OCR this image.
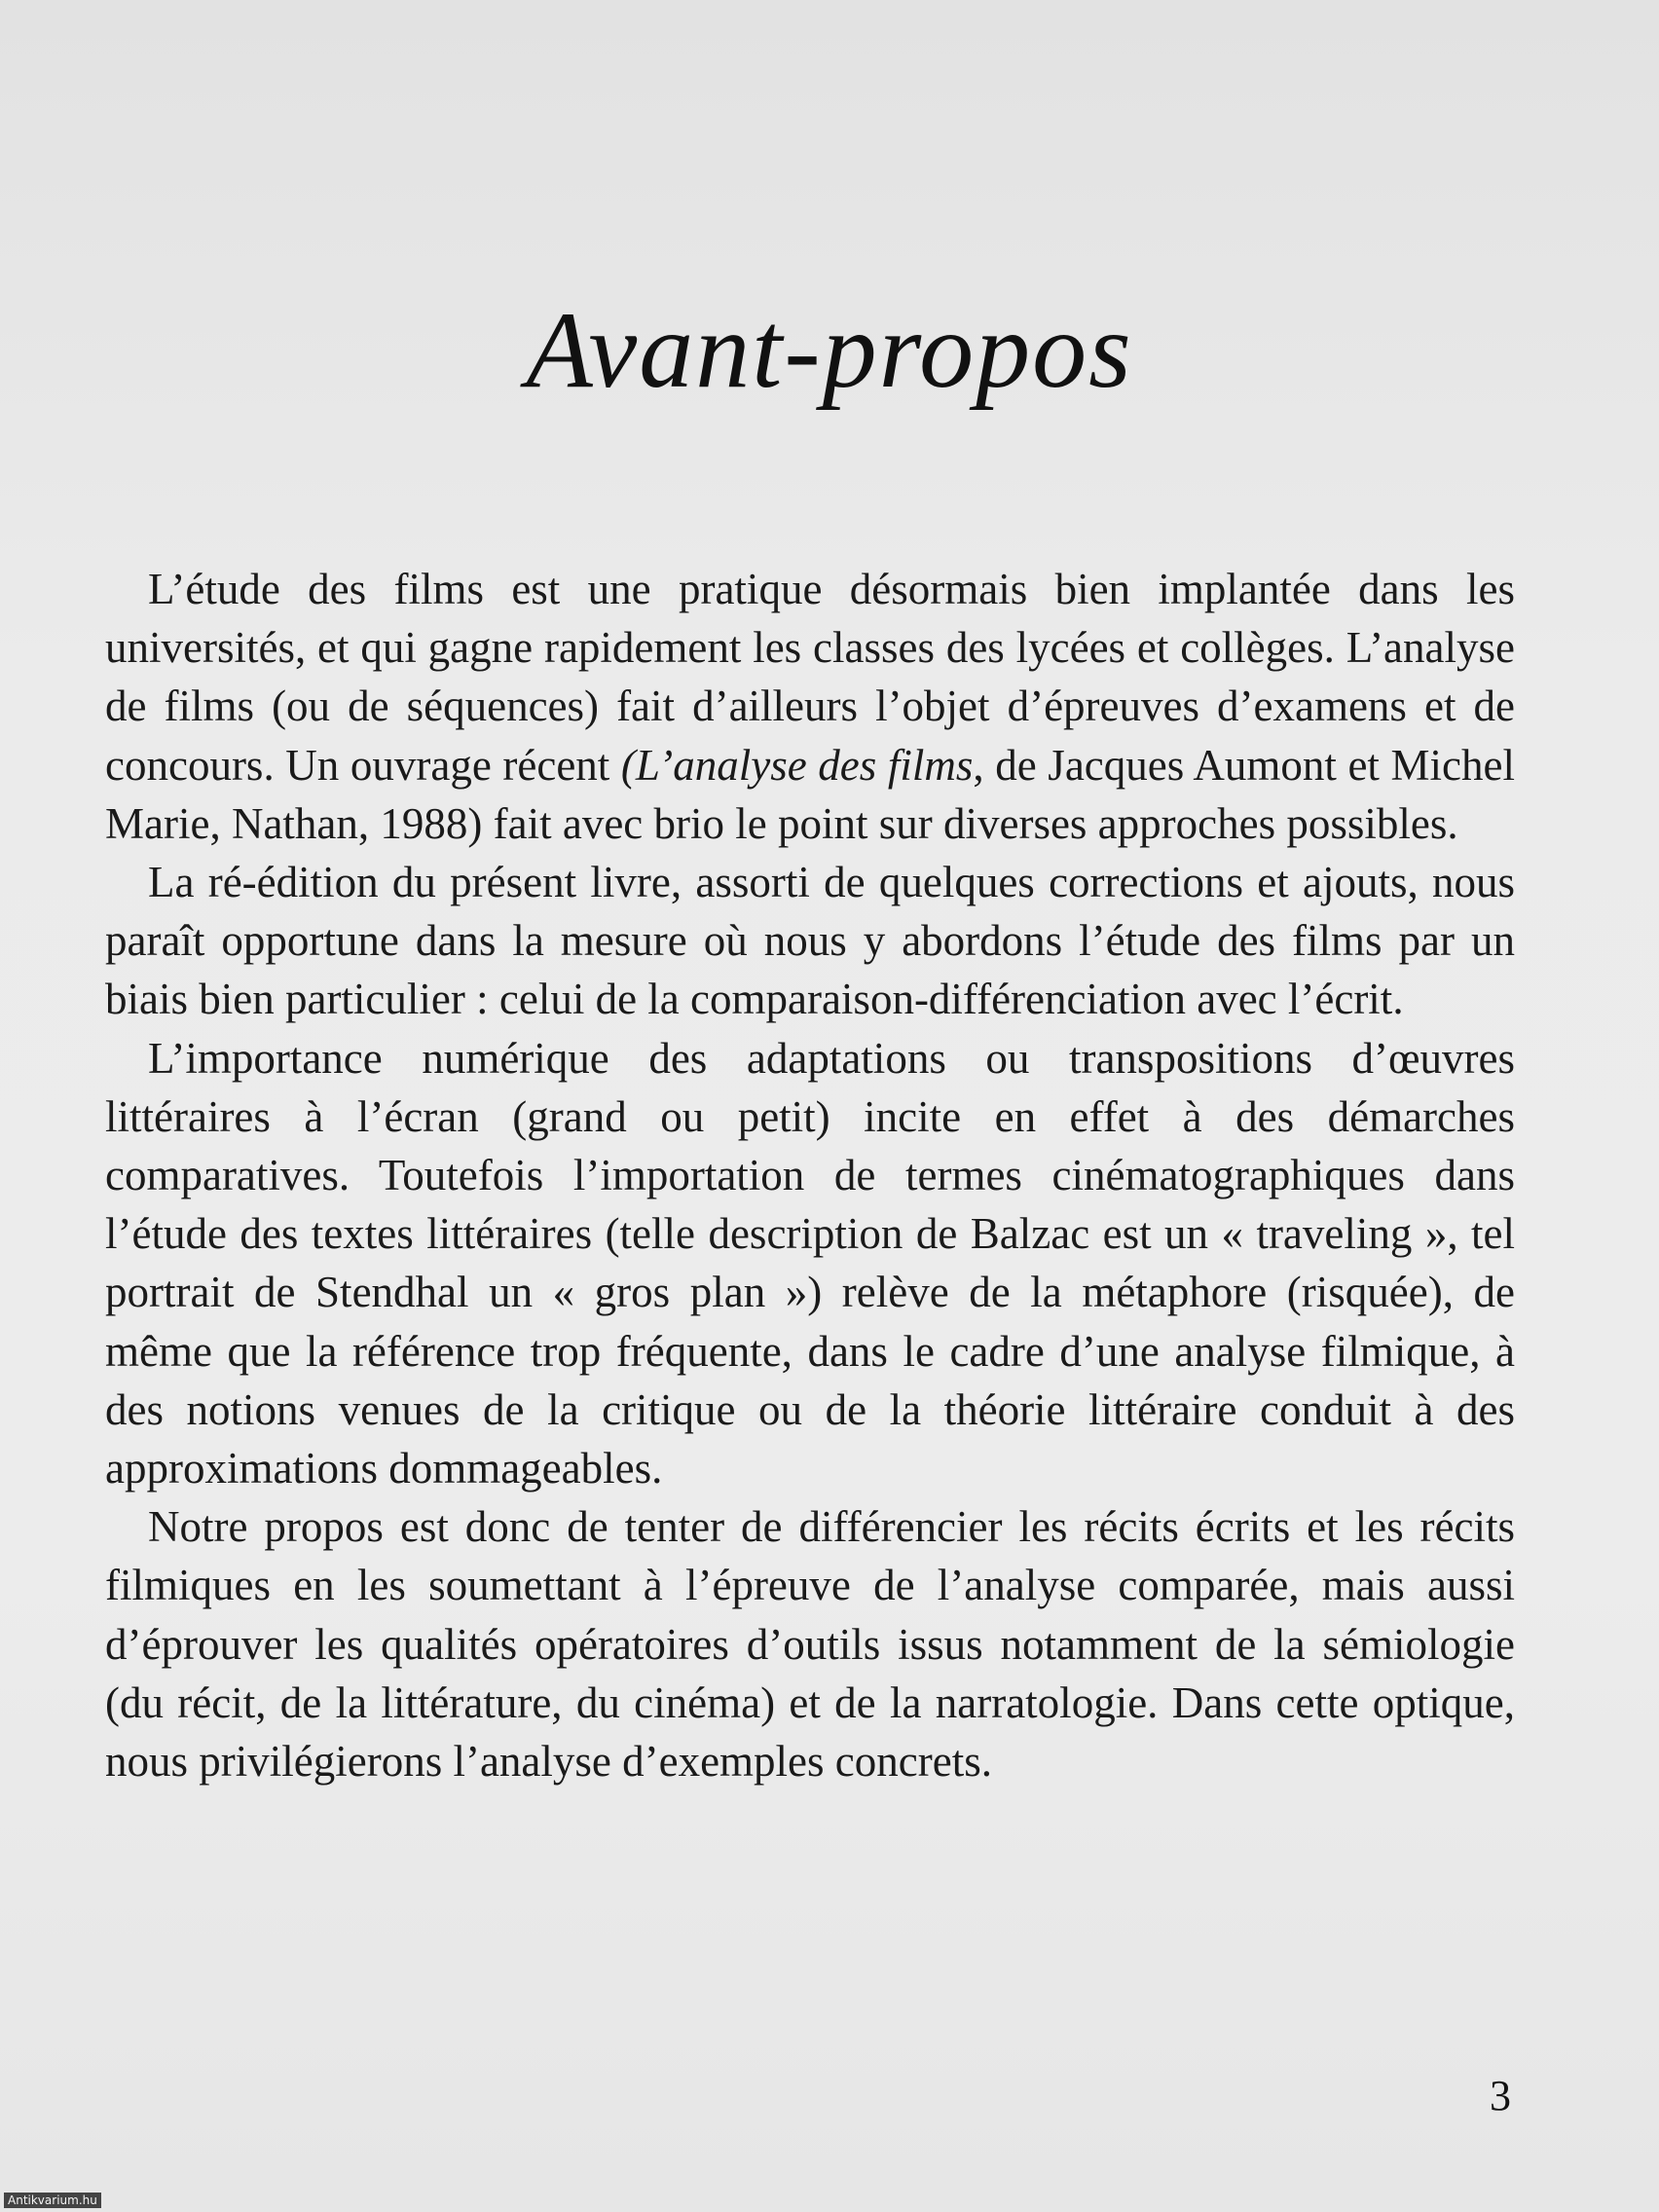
Avant-propos

L’étude des films est une pratique désormais bien implantée dans les universités, et qui gagne rapidement les classes des lycées et collèges. L’analyse de films (ou de séquences) fait d’ailleurs l’objet d’épreuves d’examens et de concours. Un ouvrage récent (L’analyse des films, de Jacques Aumont et Michel Marie, Nathan, 1988) fait avec brio le point sur diverses approches possibles.

La ré-édition du présent livre, assorti de quelques corrections et ajouts, nous paraît opportune dans la mesure où nous y abordons l’étude des films par un biais bien particulier : celui de la comparaison-différenciation avec l’écrit.

L’importance numérique des adaptations ou transpositions d’œuvres littéraires à l’écran (grand ou petit) incite en effet à des démarches comparatives. Toutefois l’importation de termes cinématographiques dans l’étude des textes littéraires (telle description de Balzac est un « traveling », tel portrait de Stendhal un « gros plan ») relève de la métaphore (risquée), de même que la référence trop fréquente, dans le cadre d’une analyse filmique, à des notions venues de la critique ou de la théorie littéraire conduit à des approximations dommageables.

Notre propos est donc de tenter de différencier les récits écrits et les récits filmiques en les soumettant à l’épreuve de l’analyse comparée, mais aussi d’éprouver les qualités opératoires d’outils issus notamment de la sémiologie (du récit, de la littérature, du cinéma) et de la narratologie. Dans cette optique, nous privilégierons l’analyse d’exemples concrets.

3
Antikvarium.hu
